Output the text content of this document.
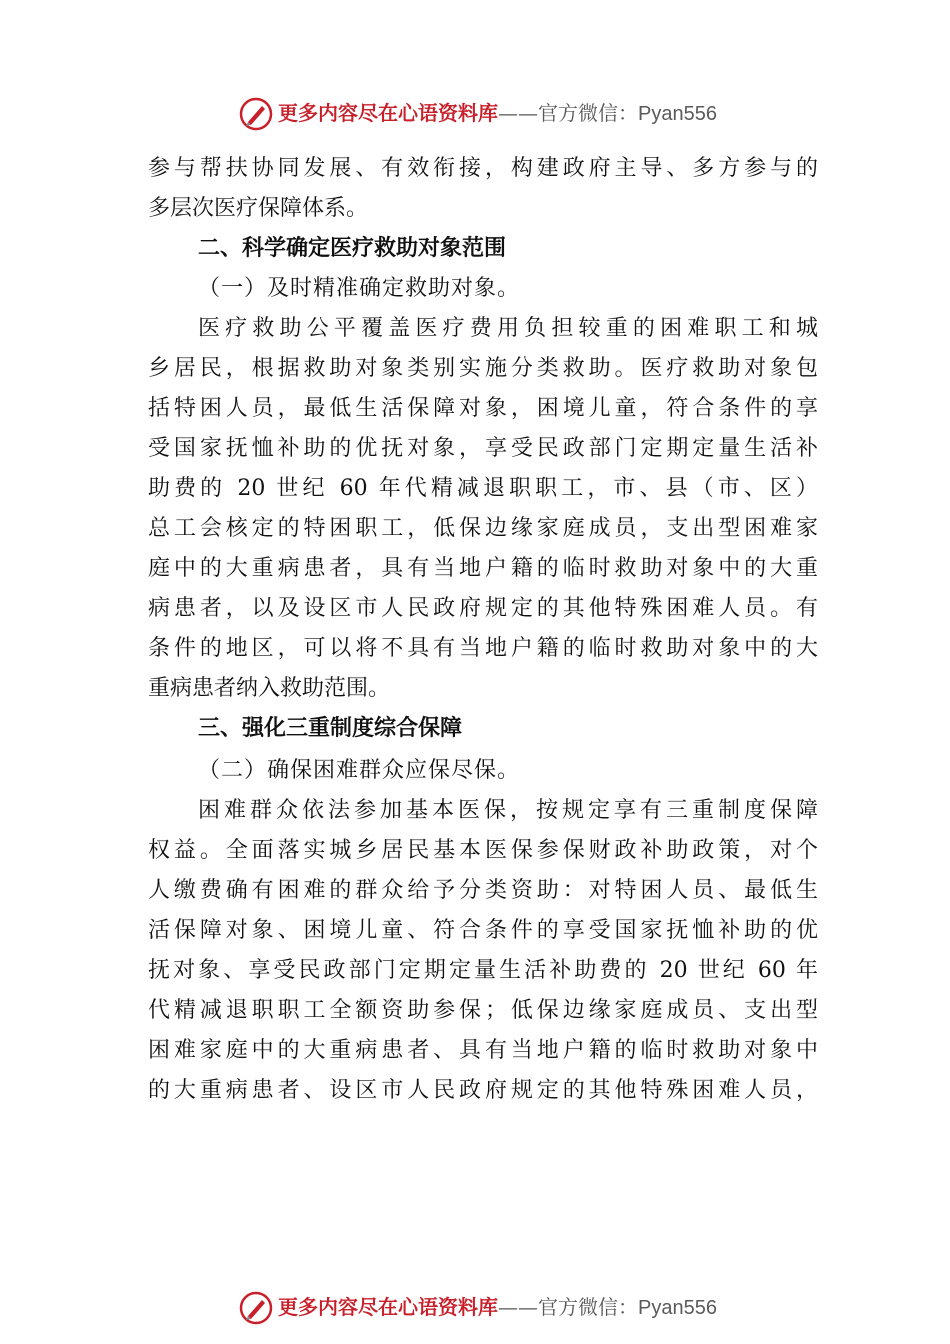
更多内容尽在心语资料库——官方微信：Pyan556
参与帮扶协同发展、有效衔接，构建政府主导、多方参与的
多层次医疗保障体系。
二、科学确定医疗救助对象范围
（一）及时精准确定救助对象。
医疗救助公平覆盖医疗费用负担较重的困难职工和城
乡居民，根据救助对象类别实施分类救助。医疗救助对象包
括特困人员，最低生活保障对象，困境儿童，符合条件的享
受国家抚恤补助的优抚对象，享受民政部门定期定量生活补
助费的 20 世纪 60 年代精减退职职工，市、县（市、区）
总工会核定的特困职工，低保边缘家庭成员，支出型困难家
庭中的大重病患者，具有当地户籍的临时救助对象中的大重
病患者，以及设区市人民政府规定的其他特殊困难人员。有
条件的地区，可以将不具有当地户籍的临时救助对象中的大
重病患者纳入救助范围。
三、强化三重制度综合保障
（二）确保困难群众应保尽保。
困难群众依法参加基本医保，按规定享有三重制度保障
权益。全面落实城乡居民基本医保参保财政补助政策，对个
人缴费确有困难的群众给予分类资助：对特困人员、最低生
活保障对象、困境儿童、符合条件的享受国家抚恤补助的优
抚对象、享受民政部门定期定量生活补助费的 20 世纪 60 年
代精减退职职工全额资助参保；低保边缘家庭成员、支出型
困难家庭中的大重病患者、具有当地户籍的临时救助对象中
的大重病患者、设区市人民政府规定的其他特殊困难人员，
更多内容尽在心语资料库——官方微信：Pyan556
